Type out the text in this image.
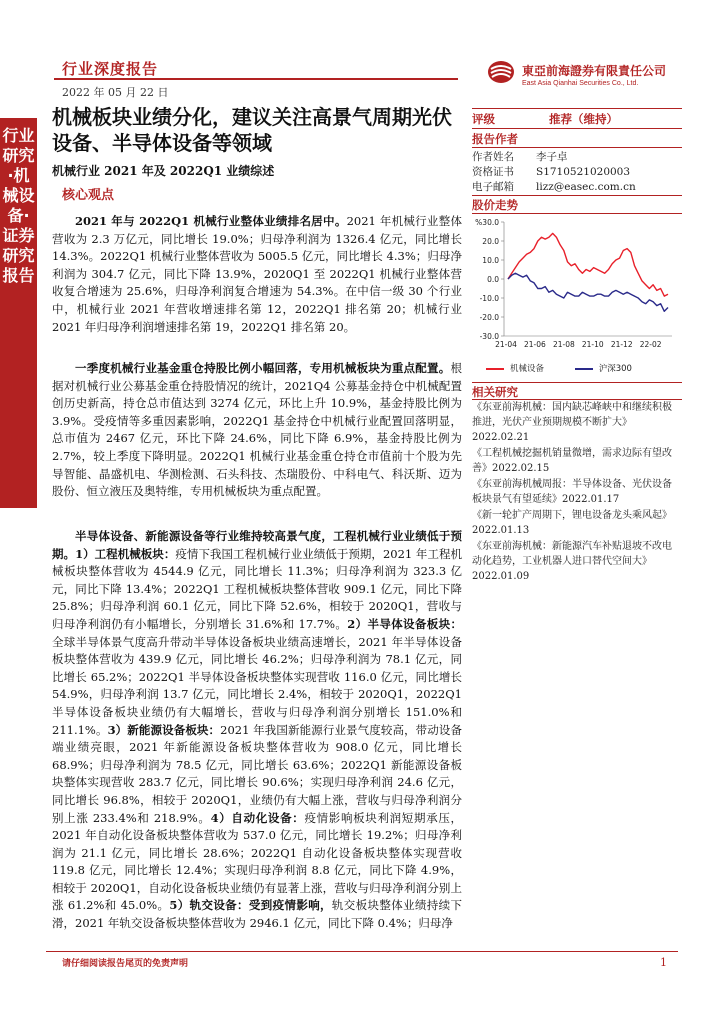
行业深度报告
2022 年 05 月 22 日
東亞前海證券有限責任公司
East Asia Qianhai Securities Co., Ltd.
行业研究·机械设备·证券研究报告
机械板块业绩分化，建议关注高景气周期光伏设备、半导体设备等领域
机械行业 2021 年及 2022Q1 业绩综述
核心观点

2021 年与 2022Q1 机械行业整体业绩排名居中。2021 年机械行业整体营收为 2.3 万亿元，同比增长 19.0%；归母净利润为 1326.4 亿元，同比增长 14.3%。2022Q1 机械行业整体营收为 5005.5 亿元，同比增长 4.3%；归母净利润为 304.7 亿元，同比下降 13.9%，2020Q1 至 2022Q1 机械行业整体营收复合增速为 25.6%，归母净利润复合增速为 54.3%。在中信一级 30 个行业中，机械行业 2021 年营收增速排名第 12，2022Q1 排名第 20；机械行业 2021 年归母净利润增速排名第 19，2022Q1 排名第 20。

一季度机械行业基金重仓持股比例小幅回落，专用机械板块为重点配置。根据对机械行业公募基金重仓持股情况的统计，2021Q4 公募基金持仓中机械配置创历史新高，持仓总市值达到 3274 亿元，环比上升 10.9%，基金持股比例为 3.9%。受疫情等多重因素影响，2022Q1 基金持仓中机械行业配置回落明显，总市值为 2467 亿元，环比下降 24.6%，同比下降 6.9%，基金持股比例为 2.7%，较上季度下降明显。2022Q1 机械行业基金重仓持仓市值前十个股为先导智能、晶盛机电、华测检测、石头科技、杰瑞股份、中科电气、科沃斯、迈为股份、恒立液压及奥特维，专用机械板块为重点配置。

半导体设备、新能源设备等行业维持较高景气度，工程机械行业业绩低于预期。1）工程机械板块：疫情下我国工程机械行业业绩低于预期，2021 年工程机械板块整体营收为 4544.9 亿元，同比增长 11.3%；归母净利润为 323.3 亿元，同比下降 13.4%；2022Q1 工程机械板块整体营收 909.1 亿元，同比下降 25.8%；归母净利润 60.1 亿元，同比下降 52.6%，相较于 2020Q1，营收与归母净利润仍有小幅增长，分别增长 31.6%和 17.7%。2）半导体设备板块：全球半导体景气度高升带动半导体设备板块业绩高速增长，2021 年半导体设备板块整体营收为 439.9 亿元，同比增长 46.2%；归母净利润为 78.1 亿元，同比增长 65.2%；2022Q1 半导体设备板块整体实现营收 116.0 亿元，同比增长 54.9%，归母净利润 13.7 亿元，同比增长 2.4%，相较于 2020Q1，2022Q1 半导体设备板块业绩仍有大幅增长，营收与归母净利润分别增长 151.0%和 211.1%。3）新能源设备板块：2021 年我国新能源行业景气度较高，带动设备端业绩亮眼，2021 年新能源设备板块整体营收为 908.0 亿元，同比增长 68.9%；归母净利润为 78.5 亿元，同比增长 63.6%；2022Q1 新能源设备板块整体实现营收 283.7 亿元，同比增长 90.6%；实现归母净利润 24.6 亿元，同比增长 96.8%，相较于 2020Q1，业绩仍有大幅上涨，营收与归母净利润分别上涨 233.4%和 218.9%。4）自动化设备：疫情影响板块利润短期承压，2021 年自动化设备板块整体营收为 537.0 亿元，同比增长 19.2%；归母净利润为 21.1 亿元，同比增长 28.6%；2022Q1 自动化设备板块整体实现营收 119.8 亿元，同比增长 12.4%；实现归母净利润 8.8 亿元，同比下降 4.9%，相较于 2020Q1，自动化设备板块业绩仍有显著上涨，营收与归母净利润分别上涨 61.2%和 45.0%。5）轨交设备：受到疫情影响，轨交板块整体业绩持续下滑，2021 年轨交设备板块整体营收为 2946.1 亿元，同比下降 0.4%；归母净

评级	推荐（维持）
报告作者
作者姓名 李子卓
资格证书 S1710521020003
电子邮箱 lizz@easec.com.cn
股价走势
%30.0
20.0
10.0
0.0
-10.0
-20.0
-30.0
21-04 21-06 21-08 21-10 21-12 22-02
机械设备	沪深300
相关研究
《东亚前海机械：国内缺芯峰峡中和继续积极推进，光伏产业预期规模不断扩大》2022.02.21
《工程机械挖掘机销量微增，需求边际有望改善》2022.02.15
《东亚前海机械周报：半导体设备、光伏设备板块景气有望延续》2022.01.17
《新一轮扩产周期下，锂电设备龙头乘风起》2022.01.13
《东亚前海机械：新能源汽车补贴退坡不改电动化趋势，工业机器人进口替代空间大》2022.01.09
请仔细阅读报告尾页的免责声明	1
